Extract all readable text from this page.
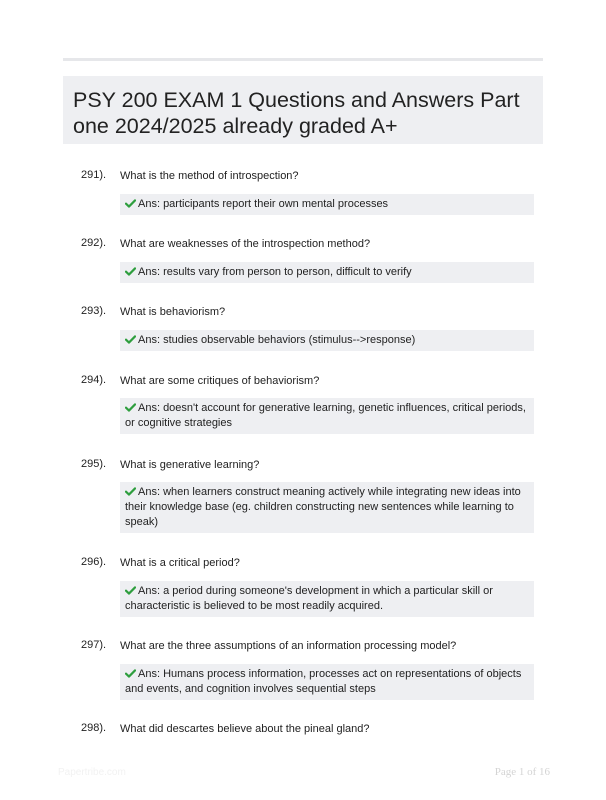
PSY 200 EXAM 1 Questions and Answers Part one 2024/2025 already graded A+
291). What is the method of introspection?
Ans: participants report their own mental processes
292). What are weaknesses of the introspection method?
Ans: results vary from person to person, difficult to verify
293). What is behaviorism?
Ans: studies observable behaviors (stimulus-->response)
294). What are some critiques of behaviorism?
Ans: doesn't account for generative learning, genetic influences, critical periods, or cognitive strategies
295). What is generative learning?
Ans: when learners construct meaning actively while integrating new ideas into their knowledge base (eg. children constructing new sentences while learning to speak)
296). What is a critical period?
Ans: a period during someone's development in which a particular skill or characteristic is believed to be most readily acquired.
297). What are the three assumptions of an information processing model?
Ans: Humans process information, processes act on representations of objects and events, and cognition involves sequential steps
298). What did descartes believe about the pineal gland?
Papertribe.com	Page 1 of 16
